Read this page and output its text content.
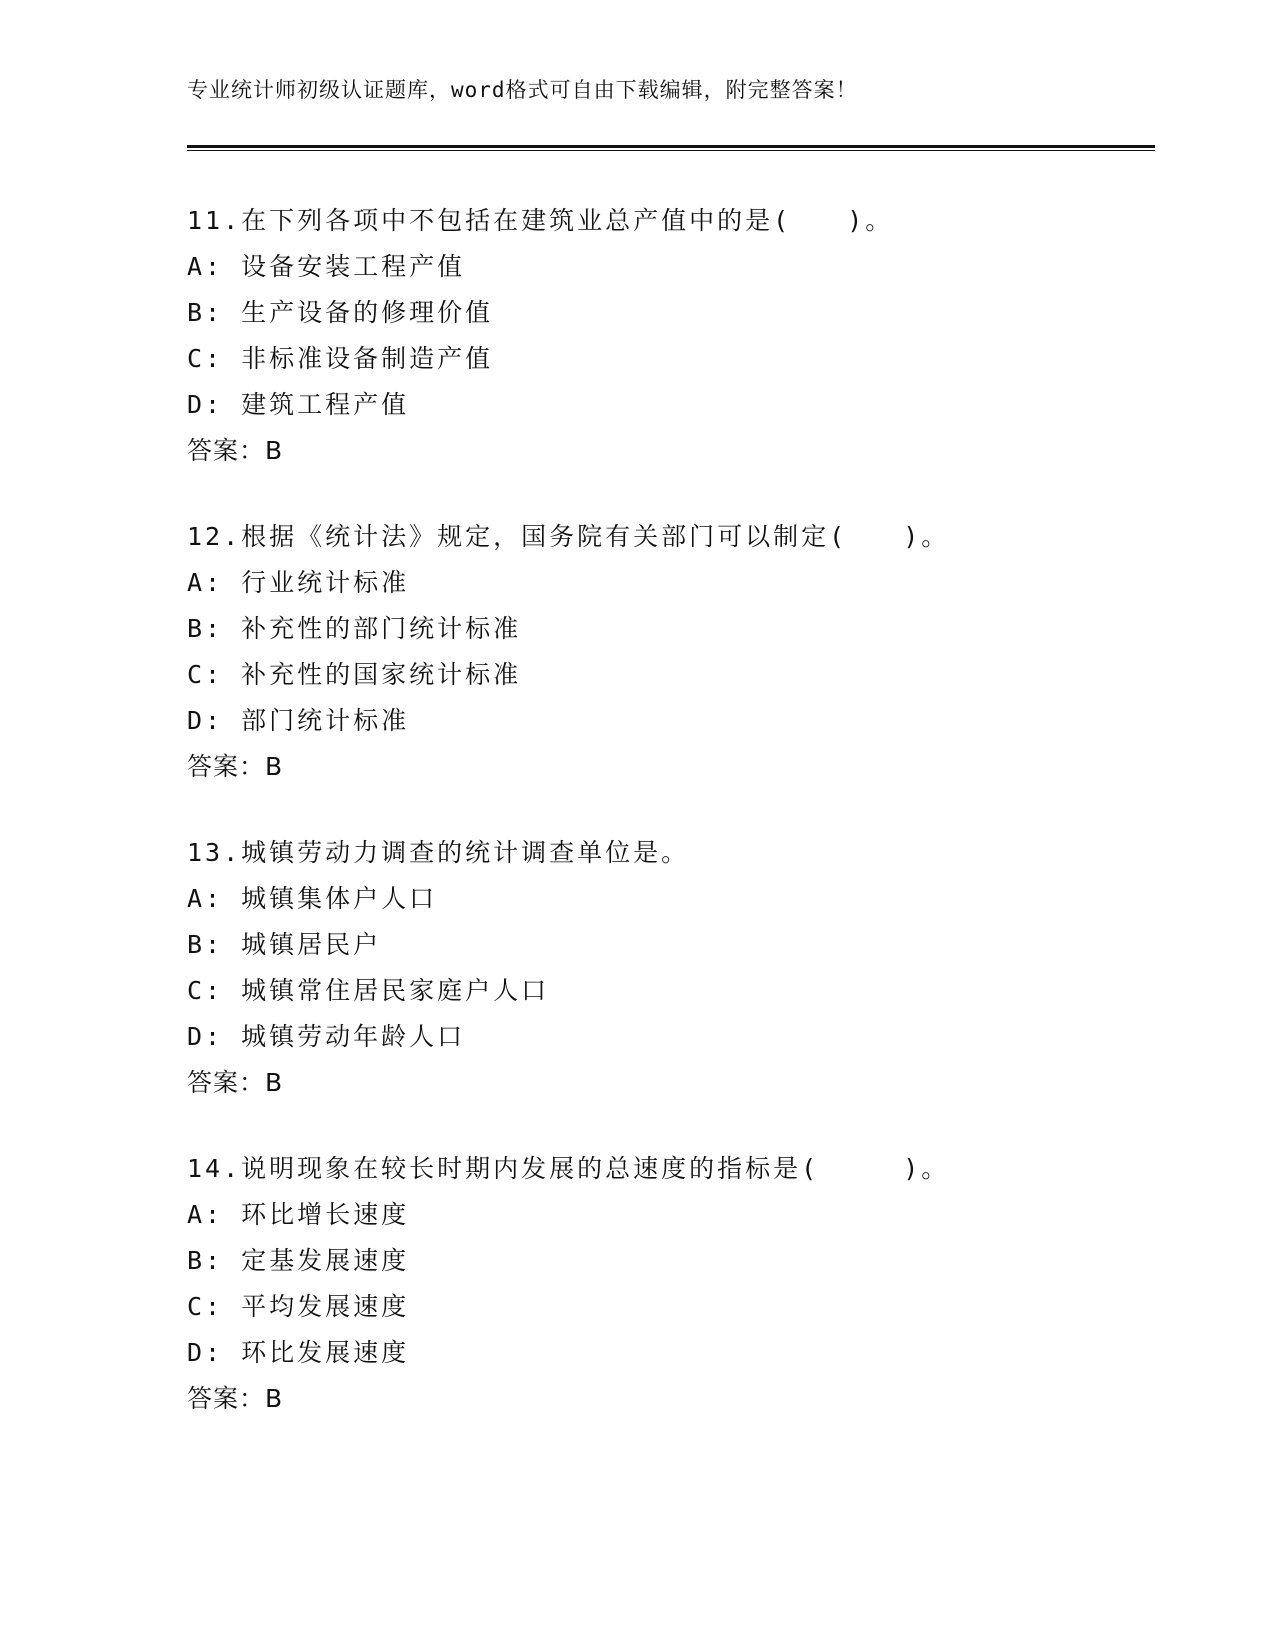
专业统计师初级认证题库，word格式可自由下载编辑，附完整答案！
11.在下列各项中不包括在建筑业总产值中的是(　　)。
A: 设备安装工程产值
B: 生产设备的修理价值
C: 非标准设备制造产值
D: 建筑工程产值
答案：B
12.根据《统计法》规定，国务院有关部门可以制定(　　)。
A: 行业统计标准
B: 补充性的部门统计标准
C: 补充性的国家统计标准
D: 部门统计标准
答案：B
13.城镇劳动力调查的统计调查单位是。
A: 城镇集体户人口
B: 城镇居民户
C: 城镇常住居民家庭户人口
D: 城镇劳动年龄人口
答案：B
14.说明现象在较长时期内发展的总速度的指标是(　　　)。
A: 环比增长速度
B: 定基发展速度
C: 平均发展速度
D: 环比发展速度
答案：B
